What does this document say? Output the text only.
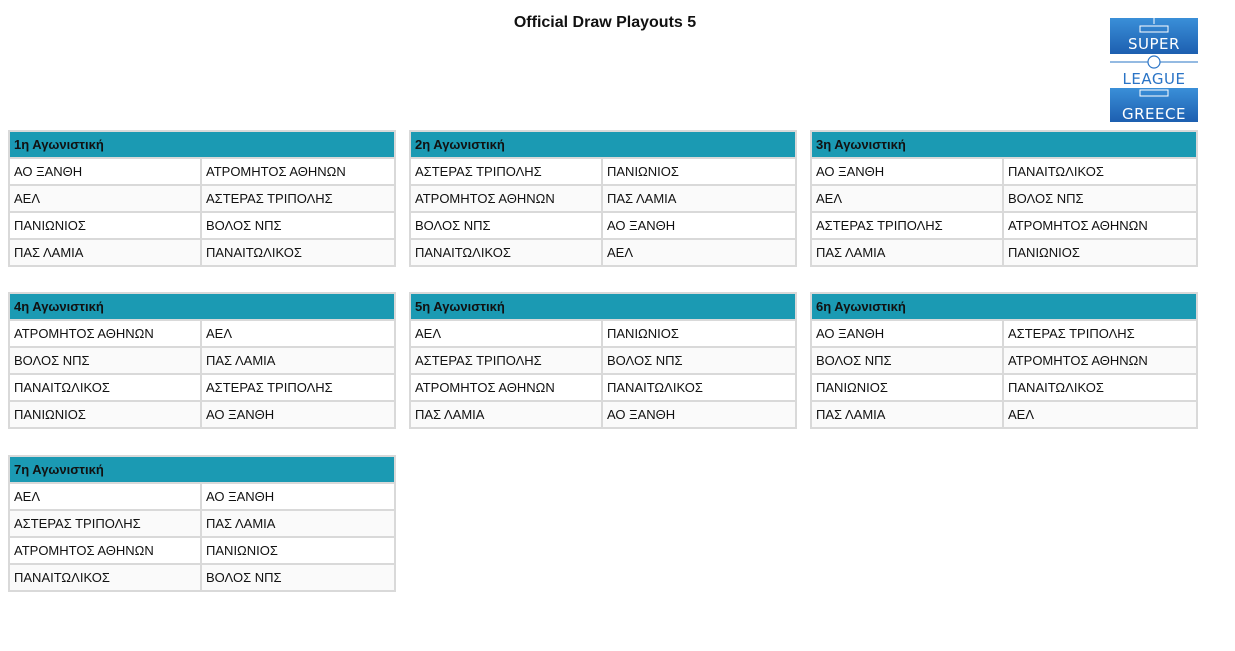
Official Draw Playouts 5
SUPER
LEAGUE
GREECE
1η Αγωνιστική	
ΑΟ ΞΑΝΘΗ	ΑΤΡΟΜΗΤΟΣ ΑΘΗΝΩΝ
ΑΕΛ	ΑΣΤΕΡΑΣ ΤΡΙΠΟΛΗΣ
ΠΑΝΙΩΝΙΟΣ	ΒΟΛΟΣ ΝΠΣ
ΠΑΣ ΛΑΜΙΑ	ΠΑΝΑΙΤΩΛΙΚΟΣ
2η Αγωνιστική	
ΑΣΤΕΡΑΣ ΤΡΙΠΟΛΗΣ	ΠΑΝΙΩΝΙΟΣ
ΑΤΡΟΜΗΤΟΣ ΑΘΗΝΩΝ	ΠΑΣ ΛΑΜΙΑ
ΒΟΛΟΣ ΝΠΣ	ΑΟ ΞΑΝΘΗ
ΠΑΝΑΙΤΩΛΙΚΟΣ	ΑΕΛ
3η Αγωνιστική	
ΑΟ ΞΑΝΘΗ	ΠΑΝΑΙΤΩΛΙΚΟΣ
ΑΕΛ	ΒΟΛΟΣ ΝΠΣ
ΑΣΤΕΡΑΣ ΤΡΙΠΟΛΗΣ	ΑΤΡΟΜΗΤΟΣ ΑΘΗΝΩΝ
ΠΑΣ ΛΑΜΙΑ	ΠΑΝΙΩΝΙΟΣ
4η Αγωνιστική	
ΑΤΡΟΜΗΤΟΣ ΑΘΗΝΩΝ	ΑΕΛ
ΒΟΛΟΣ ΝΠΣ	ΠΑΣ ΛΑΜΙΑ
ΠΑΝΑΙΤΩΛΙΚΟΣ	ΑΣΤΕΡΑΣ ΤΡΙΠΟΛΗΣ
ΠΑΝΙΩΝΙΟΣ	ΑΟ ΞΑΝΘΗ
5η Αγωνιστική	
ΑΕΛ	ΠΑΝΙΩΝΙΟΣ
ΑΣΤΕΡΑΣ ΤΡΙΠΟΛΗΣ	ΒΟΛΟΣ ΝΠΣ
ΑΤΡΟΜΗΤΟΣ ΑΘΗΝΩΝ	ΠΑΝΑΙΤΩΛΙΚΟΣ
ΠΑΣ ΛΑΜΙΑ	ΑΟ ΞΑΝΘΗ
6η Αγωνιστική	
ΑΟ ΞΑΝΘΗ	ΑΣΤΕΡΑΣ ΤΡΙΠΟΛΗΣ
ΒΟΛΟΣ ΝΠΣ	ΑΤΡΟΜΗΤΟΣ ΑΘΗΝΩΝ
ΠΑΝΙΩΝΙΟΣ	ΠΑΝΑΙΤΩΛΙΚΟΣ
ΠΑΣ ΛΑΜΙΑ	ΑΕΛ
7η Αγωνιστική	
ΑΕΛ	ΑΟ ΞΑΝΘΗ
ΑΣΤΕΡΑΣ ΤΡΙΠΟΛΗΣ	ΠΑΣ ΛΑΜΙΑ
ΑΤΡΟΜΗΤΟΣ ΑΘΗΝΩΝ	ΠΑΝΙΩΝΙΟΣ
ΠΑΝΑΙΤΩΛΙΚΟΣ	ΒΟΛΟΣ ΝΠΣ
